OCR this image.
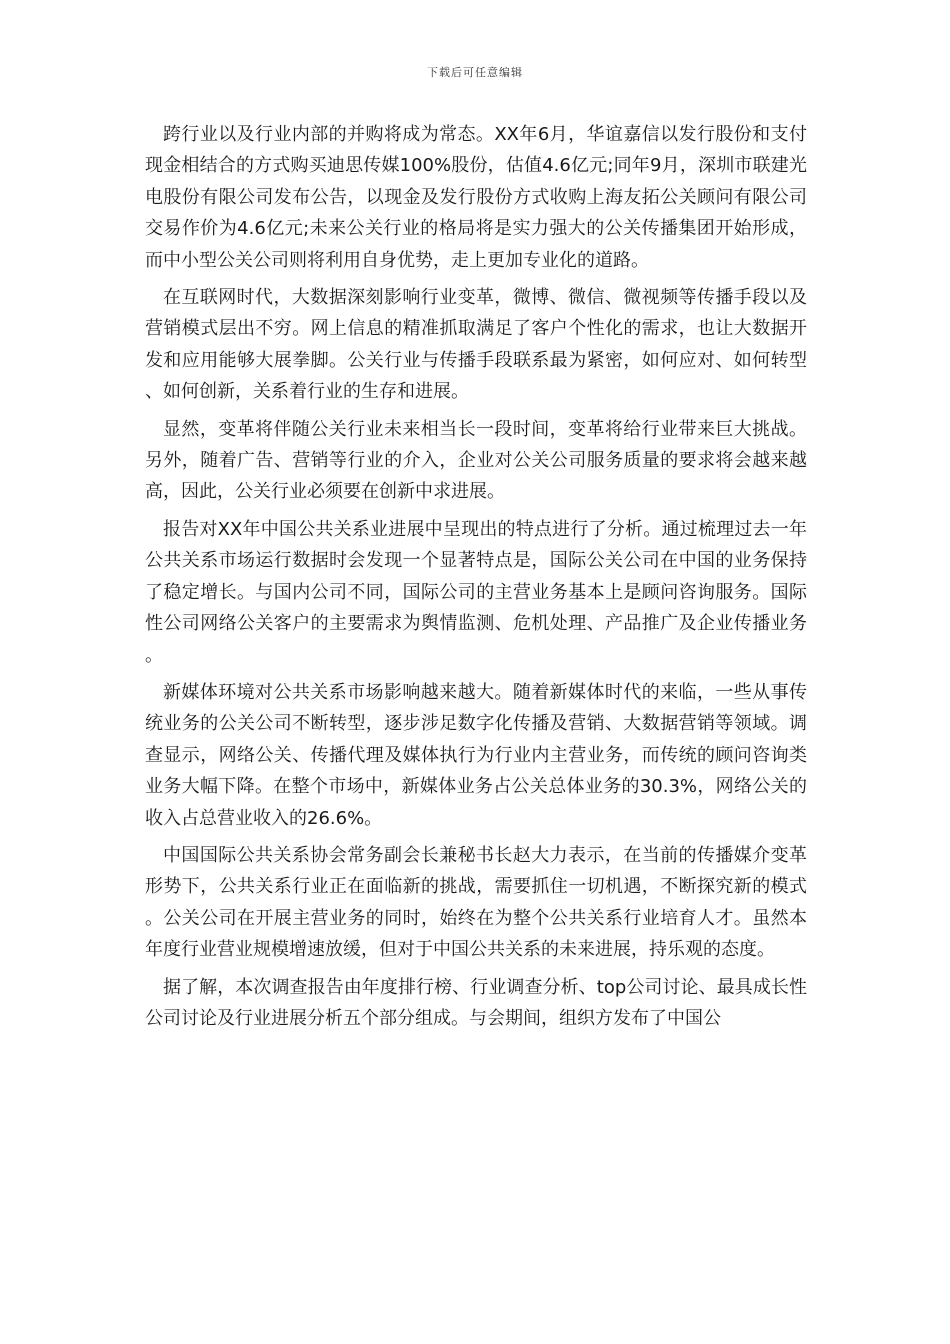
下载后可任意编辑

跨行业以及行业内部的并购将成为常态。XX年6月，华谊嘉信以发行股份和支付现金相结合的方式购买迪思传媒100%股份，估值4.6亿元;同年9月，深圳市联建光电股份有限公司发布公告，以现金及发行股份方式收购上海友拓公关顾问有限公司交易作价为4.6亿元;未来公关行业的格局将是实力强大的公关传播集团开始形成，而中小型公关公司则将利用自身优势，走上更加专业化的道路。

在互联网时代，大数据深刻影响行业变革，微博、微信、微视频等传播手段以及营销模式层出不穷。网上信息的精准抓取满足了客户个性化的需求，也让大数据开发和应用能够大展拳脚。公关行业与传播手段联系最为紧密，如何应对、如何转型、如何创新，关系着行业的生存和进展。

显然，变革将伴随公关行业未来相当长一段时间，变革将给行业带来巨大挑战。另外，随着广告、营销等行业的介入，企业对公关公司服务质量的要求将会越来越高，因此，公关行业必须要在创新中求进展。

报告对XX年中国公共关系业进展中呈现出的特点进行了分析。通过梳理过去一年公共关系市场运行数据时会发现一个显著特点是，国际公关公司在中国的业务保持了稳定增长。与国内公司不同，国际公司的主营业务基本上是顾问咨询服务。国际性公司网络公关客户的主要需求为舆情监测、危机处理、产品推广及企业传播业务。

新媒体环境对公共关系市场影响越来越大。随着新媒体时代的来临，一些从事传统业务的公关公司不断转型，逐步涉足数字化传播及营销、大数据营销等领域。调查显示，网络公关、传播代理及媒体执行为行业内主营业务，而传统的顾问咨询类业务大幅下降。在整个市场中，新媒体业务占公关总体业务的30.3%，网络公关的收入占总营业收入的26.6%。

中国国际公共关系协会常务副会长兼秘书长赵大力表示，在当前的传播媒介变革形势下，公共关系行业正在面临新的挑战，需要抓住一切机遇，不断探究新的模式。公关公司在开展主营业务的同时，始终在为整个公共关系行业培育人才。虽然本年度行业营业规模增速放缓，但对于中国公共关系的未来进展，持乐观的态度。

据了解，本次调查报告由年度排行榜、行业调查分析、top公司讨论、最具成长性公司讨论及行业进展分析五个部分组成。与会期间，组织方发布了中国公
